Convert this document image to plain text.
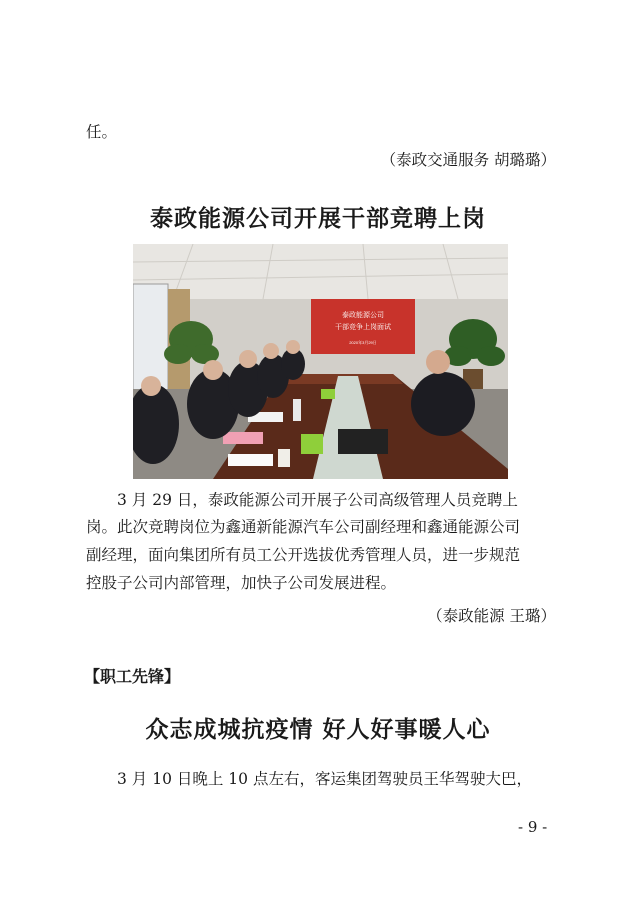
任。
（泰政交通服务 胡璐璐）
泰政能源公司开展干部竞聘上岗
泰政能源公司
干部竞争上岗面试
2020年3月29日
3 月 29 日，泰政能源公司开展子公司高级管理人员竞聘上
岗。此次竞聘岗位为鑫通新能源汽车公司副经理和鑫通能源公司
副经理，面向集团所有员工公开选拔优秀管理人员，进一步规范
控股子公司内部管理，加快子公司发展进程。
（泰政能源 王璐）
【职工先锋】
众志成城抗疫情 好人好事暖人心
3 月 10 日晚上 10 点左右，客运集团驾驶员王华驾驶大巴，
- 9 -
